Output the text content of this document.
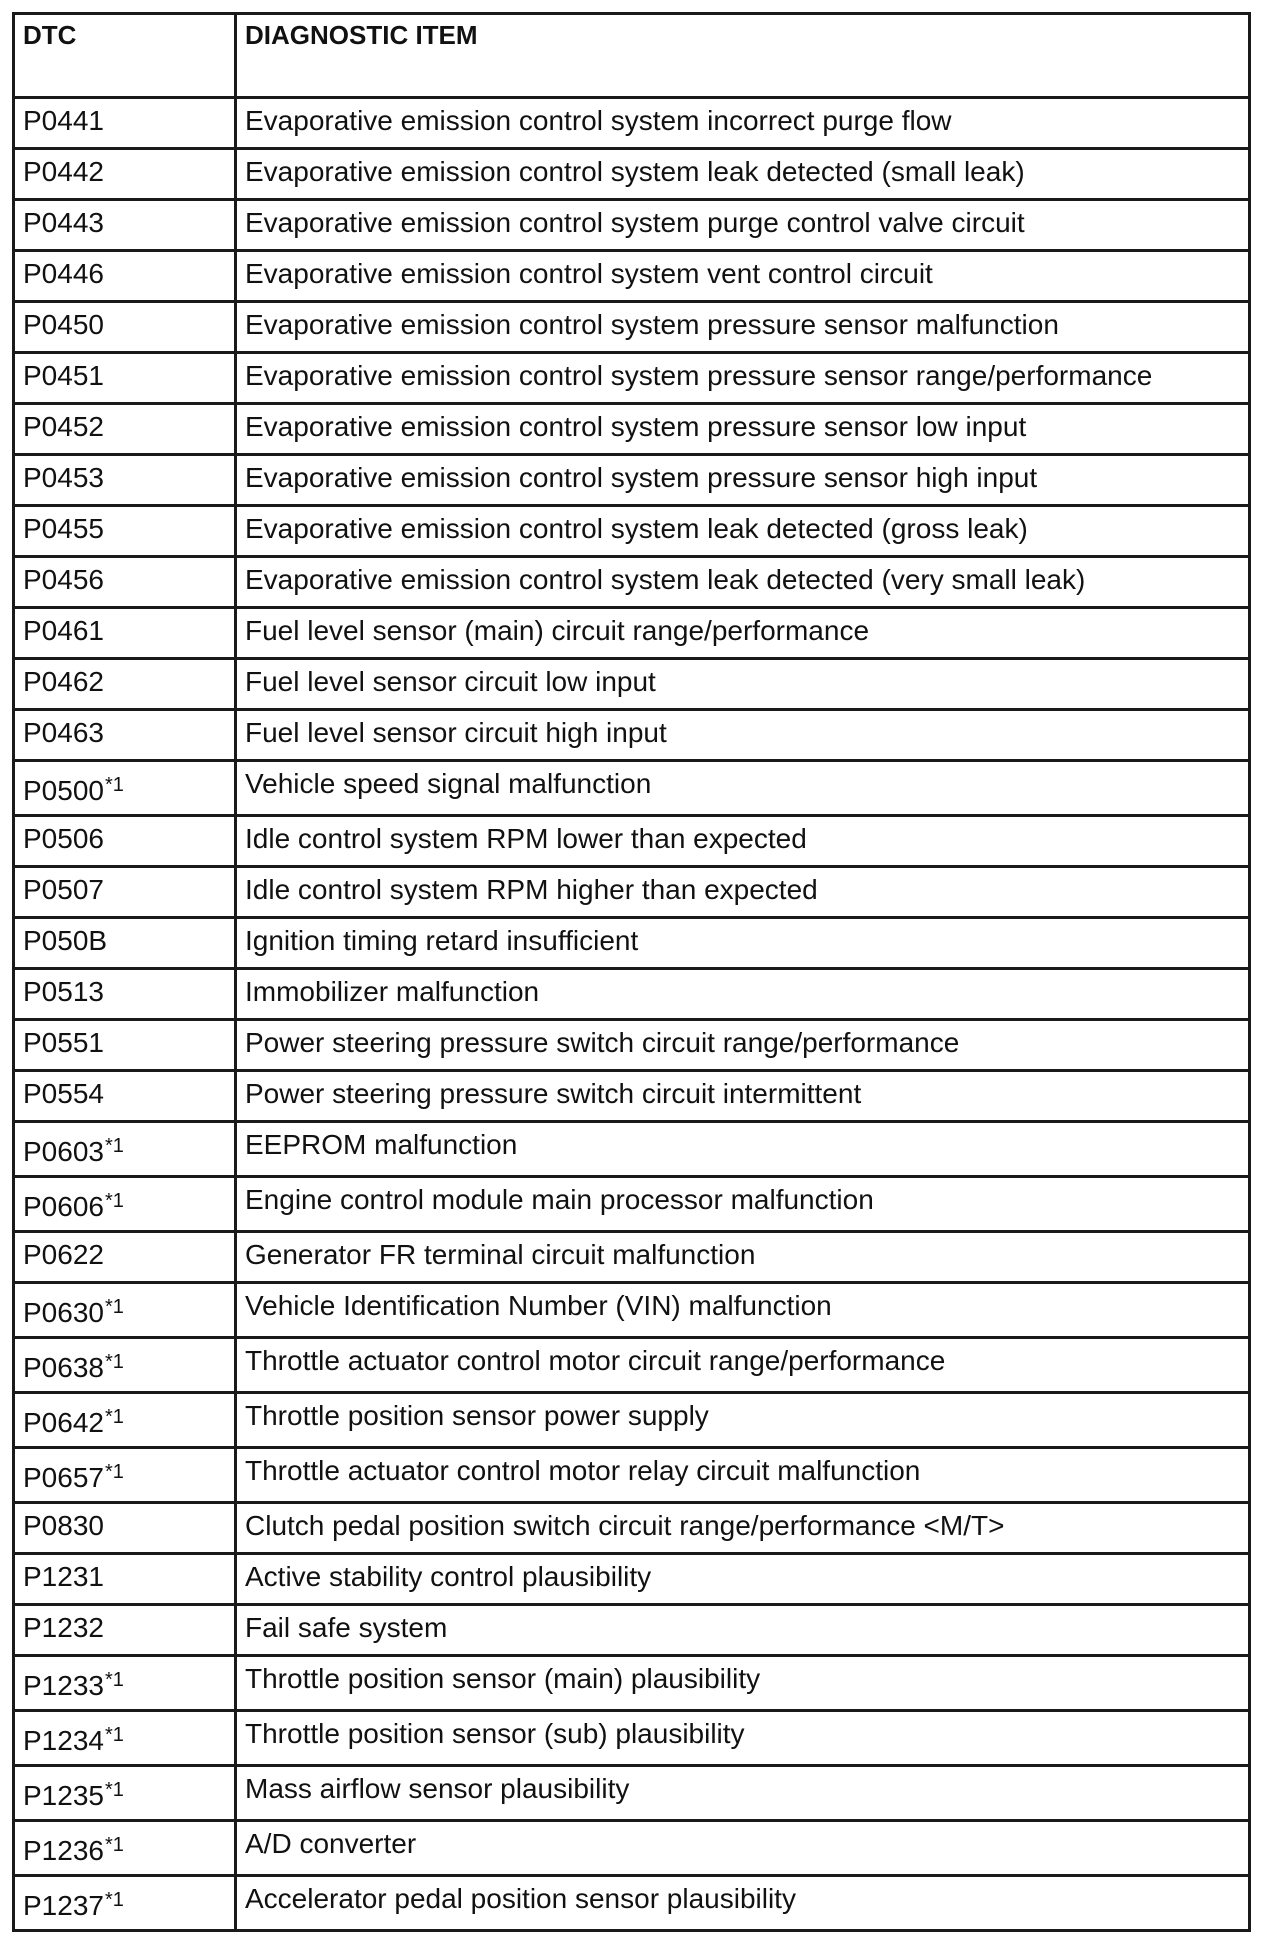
DTC	DIAGNOSTIC ITEM
P0441	Evaporative emission control system incorrect purge flow
P0442	Evaporative emission control system leak detected (small leak)
P0443	Evaporative emission control system purge control valve circuit
P0446	Evaporative emission control system vent control circuit
P0450	Evaporative emission control system pressure sensor malfunction
P0451	Evaporative emission control system pressure sensor range/performance
P0452	Evaporative emission control system pressure sensor low input
P0453	Evaporative emission control system pressure sensor high input
P0455	Evaporative emission control system leak detected (gross leak)
P0456	Evaporative emission control system leak detected (very small leak)
P0461	Fuel level sensor (main) circuit range/performance
P0462	Fuel level sensor circuit low input
P0463	Fuel level sensor circuit high input
P0500$^{*1}$	Vehicle speed signal malfunction
P0506	Idle control system RPM lower than expected
P0507	Idle control system RPM higher than expected
P050B	Ignition timing retard insufficient
P0513	Immobilizer malfunction
P0551	Power steering pressure switch circuit range/performance
P0554	Power steering pressure switch circuit intermittent
P0603$^{*1}$	EEPROM malfunction
P0606$^{*1}$	Engine control module main processor malfunction
P0622	Generator FR terminal circuit malfunction
P0630$^{*1}$	Vehicle Identification Number (VIN) malfunction
P0638$^{*1}$	Throttle actuator control motor circuit range/performance
P0642$^{*1}$	Throttle position sensor power supply
P0657$^{*1}$	Throttle actuator control motor relay circuit malfunction
P0830	Clutch pedal position switch circuit range/performance <M/T>
P1231	Active stability control plausibility
P1232	Fail safe system
P1233$^{*1}$	Throttle position sensor (main) plausibility
P1234$^{*1}$	Throttle position sensor (sub) plausibility
P1235$^{*1}$	Mass airflow sensor plausibility
P1236$^{*1}$	A/D converter
P1237$^{*1}$	Accelerator pedal position sensor plausibility
